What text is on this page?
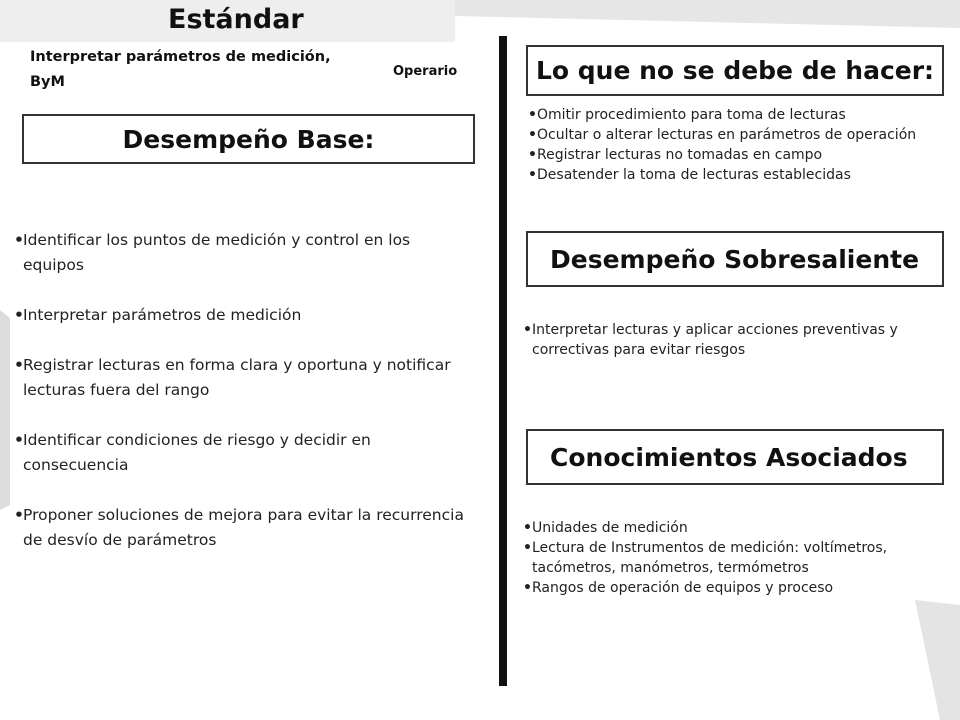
Estándar
Interpretar parámetros de medición, ByM
Operario
Desempeño Base:
• Identificar los puntos de medición y control en los equipos
• Interpretar parámetros de medición
• Registrar lecturas en forma clara y oportuna y notificar lecturas fuera del rango
• Identificar condiciones de riesgo y decidir en consecuencia
• Proponer soluciones de mejora para evitar la recurrencia de desvío de parámetros
Lo que no se debe de hacer:
• Omitir procedimiento para toma de lecturas
• Ocultar o alterar lecturas en parámetros de operación
• Registrar lecturas no tomadas en campo
• Desatender la toma de lecturas establecidas
Desempeño Sobresaliente
• Interpretar lecturas y aplicar acciones preventivas y correctivas para evitar riesgos
Conocimientos Asociados
• Unidades de medición
• Lectura de Instrumentos de medición: voltímetros, tacómetros, manómetros, termómetros
• Rangos de operación de equipos y proceso
